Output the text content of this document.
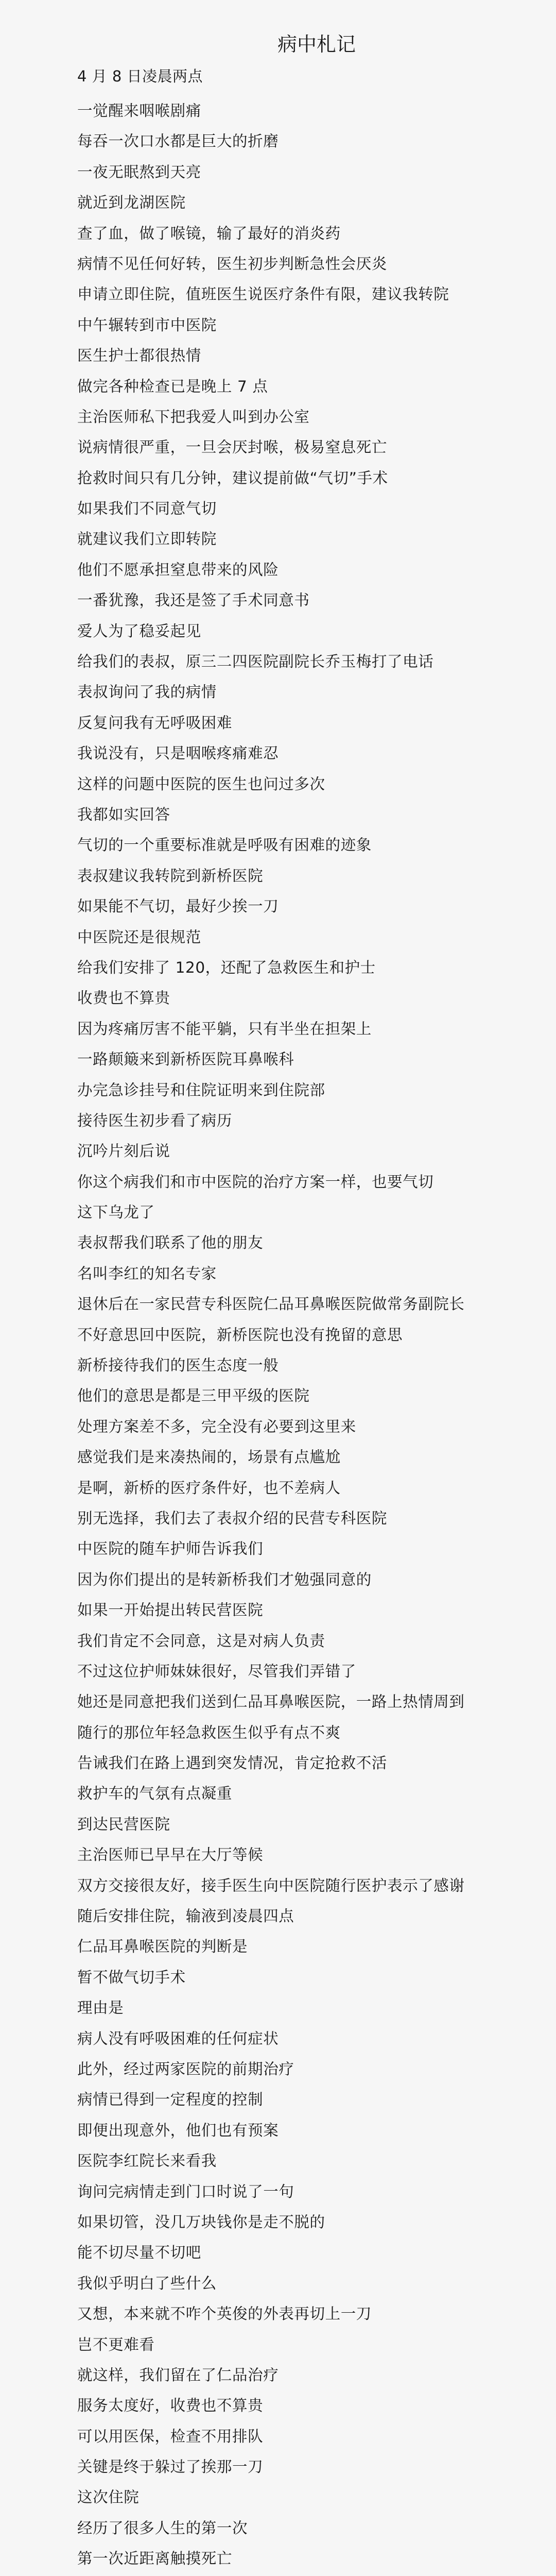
病中札记
4 月 8 日凌晨两点
一觉醒来咽喉剧痛
每吞一次口水都是巨大的折磨
一夜无眠熬到天亮
就近到龙湖医院
查了血，做了喉镜，输了最好的消炎药
病情不见任何好转，医生初步判断急性会厌炎
申请立即住院，值班医生说医疗条件有限，建议我转院
中午辗转到市中医院
医生护士都很热情
做完各种检查已是晚上 7 点
主治医师私下把我爱人叫到办公室
说病情很严重，一旦会厌封喉，极易窒息死亡
抢救时间只有几分钟，建议提前做“气切”手术
如果我们不同意气切
就建议我们立即转院
他们不愿承担窒息带来的风险
一番犹豫，我还是签了手术同意书
爱人为了稳妥起见
给我们的表叔，原三二四医院副院长乔玉梅打了电话
表叔询问了我的病情
反复问我有无呼吸困难
我说没有，只是咽喉疼痛难忍
这样的问题中医院的医生也问过多次
我都如实回答
气切的一个重要标准就是呼吸有困难的迹象
表叔建议我转院到新桥医院
如果能不气切，最好少挨一刀
中医院还是很规范
给我们安排了 120，还配了急救医生和护士
收费也不算贵
因为疼痛厉害不能平躺，只有半坐在担架上
一路颠簸来到新桥医院耳鼻喉科
办完急诊挂号和住院证明来到住院部
接待医生初步看了病历
沉吟片刻后说
你这个病我们和市中医院的治疗方案一样，也要气切
这下乌龙了
表叔帮我们联系了他的朋友
名叫李红的知名专家
退休后在一家民营专科医院仁品耳鼻喉医院做常务副院长
不好意思回中医院，新桥医院也没有挽留的意思
新桥接待我们的医生态度一般
他们的意思是都是三甲平级的医院
处理方案差不多，完全没有必要到这里来
感觉我们是来凑热闹的，场景有点尴尬
是啊，新桥的医疗条件好，也不差病人
别无选择，我们去了表叔介绍的民营专科医院
中医院的随车护师告诉我们
因为你们提出的是转新桥我们才勉强同意的
如果一开始提出转民营医院
我们肯定不会同意，这是对病人负责
不过这位护师妹妹很好，尽管我们弄错了
她还是同意把我们送到仁品耳鼻喉医院，一路上热情周到
随行的那位年轻急救医生似乎有点不爽
告诫我们在路上遇到突发情况，肯定抢救不活
救护车的气氛有点凝重
到达民营医院
主治医师已早早在大厅等候
双方交接很友好，接手医生向中医院随行医护表示了感谢
随后安排住院，输液到凌晨四点
仁品耳鼻喉医院的判断是
暂不做气切手术
理由是
病人没有呼吸困难的任何症状
此外，经过两家医院的前期治疗
病情已得到一定程度的控制
即便出现意外，他们也有预案
医院李红院长来看我
询问完病情走到门口时说了一句
如果切管，没几万块钱你是走不脱的
能不切尽量不切吧
我似乎明白了些什么
又想，本来就不咋个英俊的外表再切上一刀
岂不更难看
就这样，我们留在了仁品治疗
服务太度好，收费也不算贵
可以用医保，检查不用排队
关键是终于躲过了挨那一刀
这次住院
经历了很多人生的第一次
第一次近距离触摸死亡
